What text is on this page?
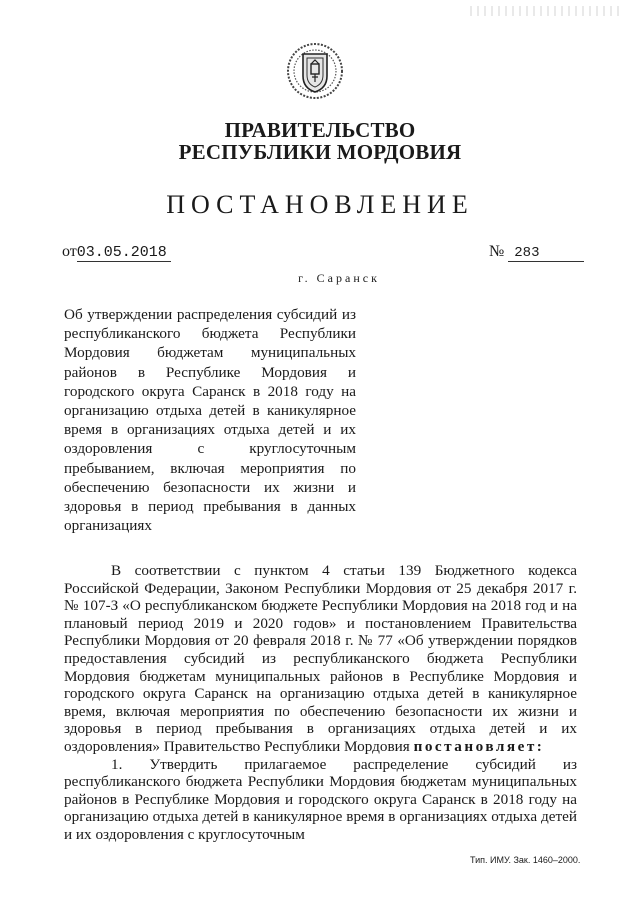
ПРАВИТЕЛЬСТВО
РЕСПУБЛИКИ МОРДОВИЯ
ПОСТАНОВЛЕНИЕ
от03.05.2018	№ 283
г. Саранск
Об утверждении распределения субсидий из республиканского бюджета Республики Мордовия бюджетам муниципальных районов в Республике Мордовия и городского округа Саранск в 2018 году на организацию отдыха детей в каникулярное время в организациях отдыха детей и их оздоровления с круглосуточным пребыванием, включая мероприятия по обеспечению безопасности их жизни и здоровья в период пребывания в данных организациях

В соответствии с пунктом 4 статьи 139 Бюджетного кодекса Российской Федерации, Законом Республики Мордовия от 25 декабря 2017 г. № 107-З «О республиканском бюджете Республики Мордовия на 2018 год и на плановый период 2019 и 2020 годов» и постановлением Правительства Республики Мордовия от 20 февраля 2018 г. № 77 «Об утверждении порядков предоставления субсидий из республиканского бюджета Республики Мордовия бюджетам муниципальных районов в Республике Мордовия и городского округа Саранск на организацию отдыха детей в каникулярное время, включая мероприятия по обеспечению безопасности их жизни и здоровья в период пребывания в организациях отдыха детей и их оздоровления» Правительство Республики Мордовия постановляет:

1. Утвердить прилагаемое распределение субсидий из республиканского бюджета Республики Мордовия бюджетам муниципальных районов в Республике Мордовия и городского округа Саранск в 2018 году на организацию отдыха детей в каникулярное время в организациях отдыха детей и их оздоровления с круглосуточным

Тип. ИМУ. Зак. 1460–2000.
